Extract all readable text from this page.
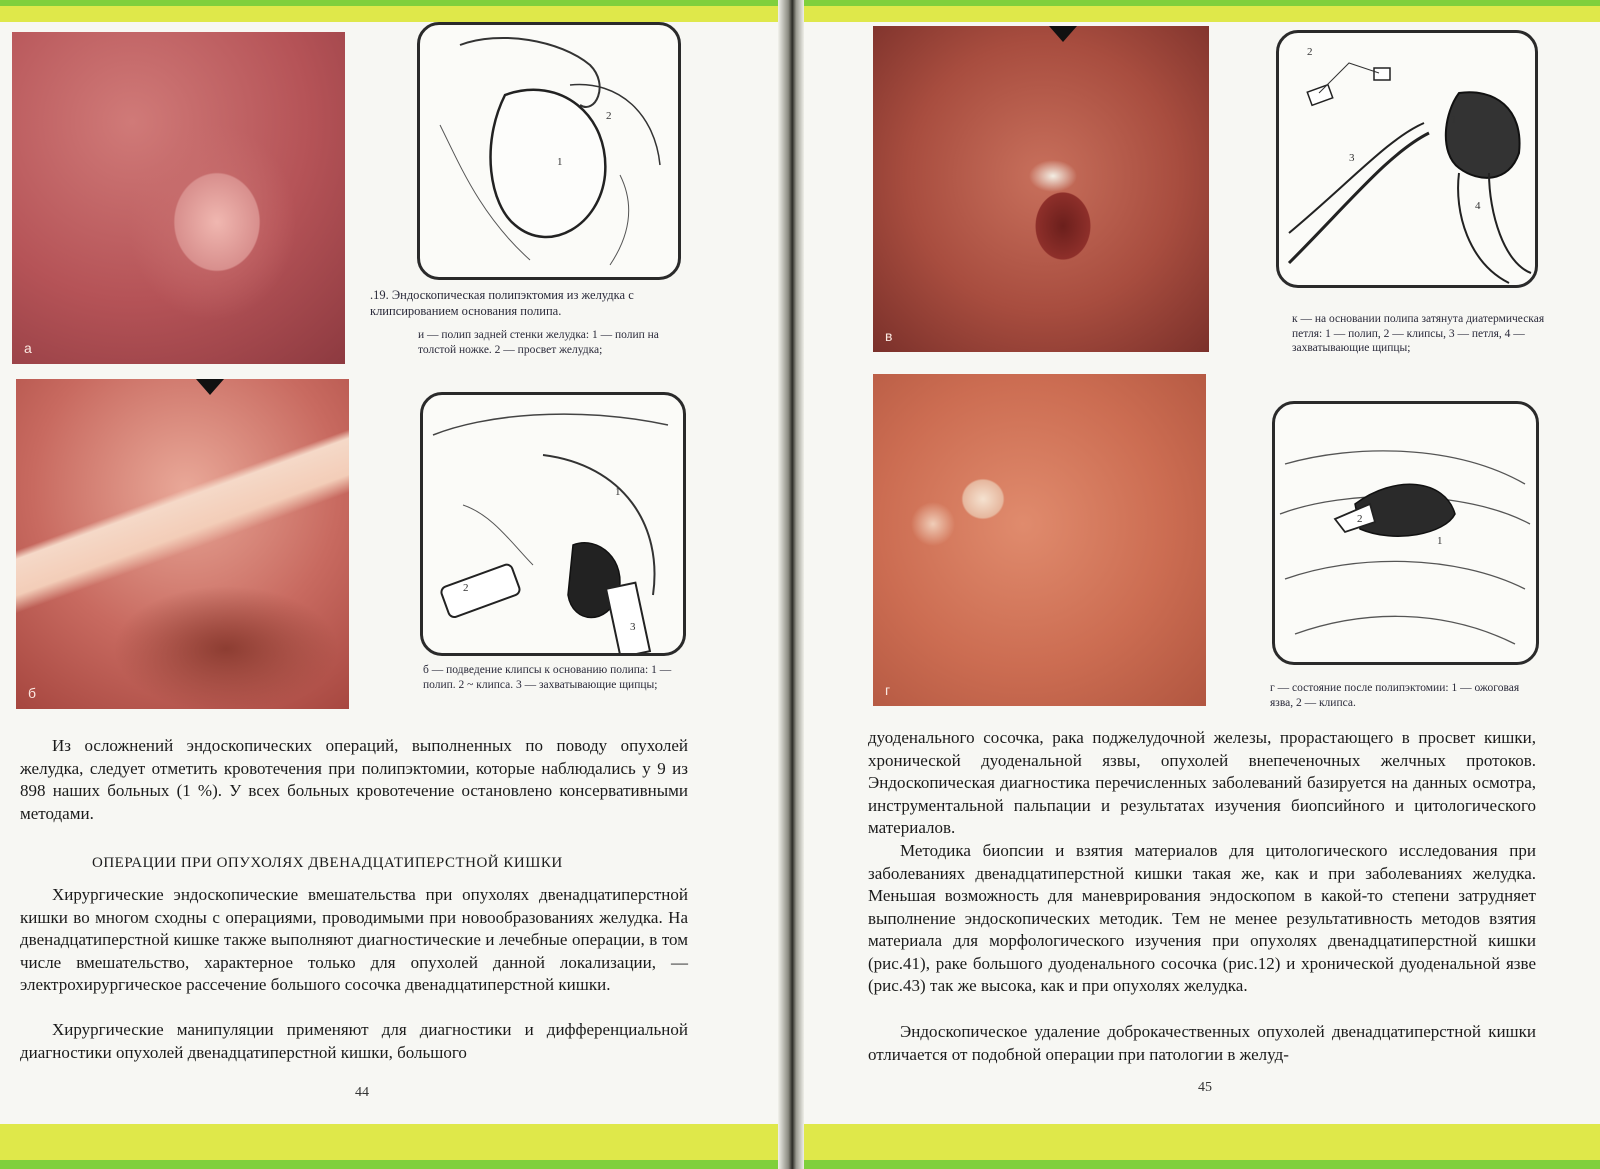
а
1
2
.19. Эндоскопическая полипэктомия из желудка с клипсированием основания полипа.
и — полип задней стенки желудка: 1 — полип на толстой ножке. 2 — просвет желудка;
б
1
2
3
б — подведение клипсы к основанию полипа: 1 — полип. 2 ~ клипса. 3 — захватывающие щипцы;

Из осложнений эндоскопических операций, выполненных по поводу опухолей желудка, следует отметить кровотечения при полипэктомии, которые наблюдались у 9 из 898 наших больных (1 %). У всех больных кровотечение остановлено консервативными методами.

ОПЕРАЦИИ ПРИ ОПУХОЛЯХ ДВЕНАДЦАТИПЕРСТНОЙ КИШКИ

Хирургические эндоскопические вмешательства при опухолях двенадцатиперстной кишки во многом сходны с операциями, проводимыми при новообразованиях желудка. На двенадцатиперстной кишке также выполняют диагностические и лечебные операции, в том числе вмешательство, характерное только для опухолей данной локализации, — электрохирургическое рассечение большого сосочка двенадцатиперстной кишки.

Хирургические манипуляции применяют для диагностики и дифференциальной диагностики опухолей двенадцатиперстной кишки, большого

44
в
1
2
3
4
к — на основании полипа затянута диатермическая петля: 1 — полип, 2 — клипсы, 3 — петля, 4 — захватывающие щипцы;
г
2
1
г — состояние после полипэктомии: 1 — ожоговая язва, 2 — клипса.

дуоденального сосочка, рака поджелудочной железы, прорастающего в просвет кишки, хронической дуоденальной язвы, опухолей внепеченочных желчных протоков. Эндоскопическая диагностика перечисленных заболеваний базируется на данных осмотра, инструментальной пальпации и результатах изучения биопсийного и цитологического материалов.

Методика биопсии и взятия материалов для цитологического исследования при заболеваниях двенадцатиперстной кишки такая же, как и при заболеваниях желудка. Меньшая возможность для маневрирования эндоскопом в какой-то степени затрудняет выполнение эндоскопических методик. Тем не менее результативность методов взятия материала для морфологического изучения при опухолях двенадцатиперстной кишки (рис.41), раке большого дуоденального сосочка (рис.12) и хронической дуоденальной язве (рис.43) так же высока, как и при опухолях желудка.

Эндоскопическое удаление доброкачественных опухолей двенадцатиперстной кишки отличается от подобной операции при патологии в желуд-

45
